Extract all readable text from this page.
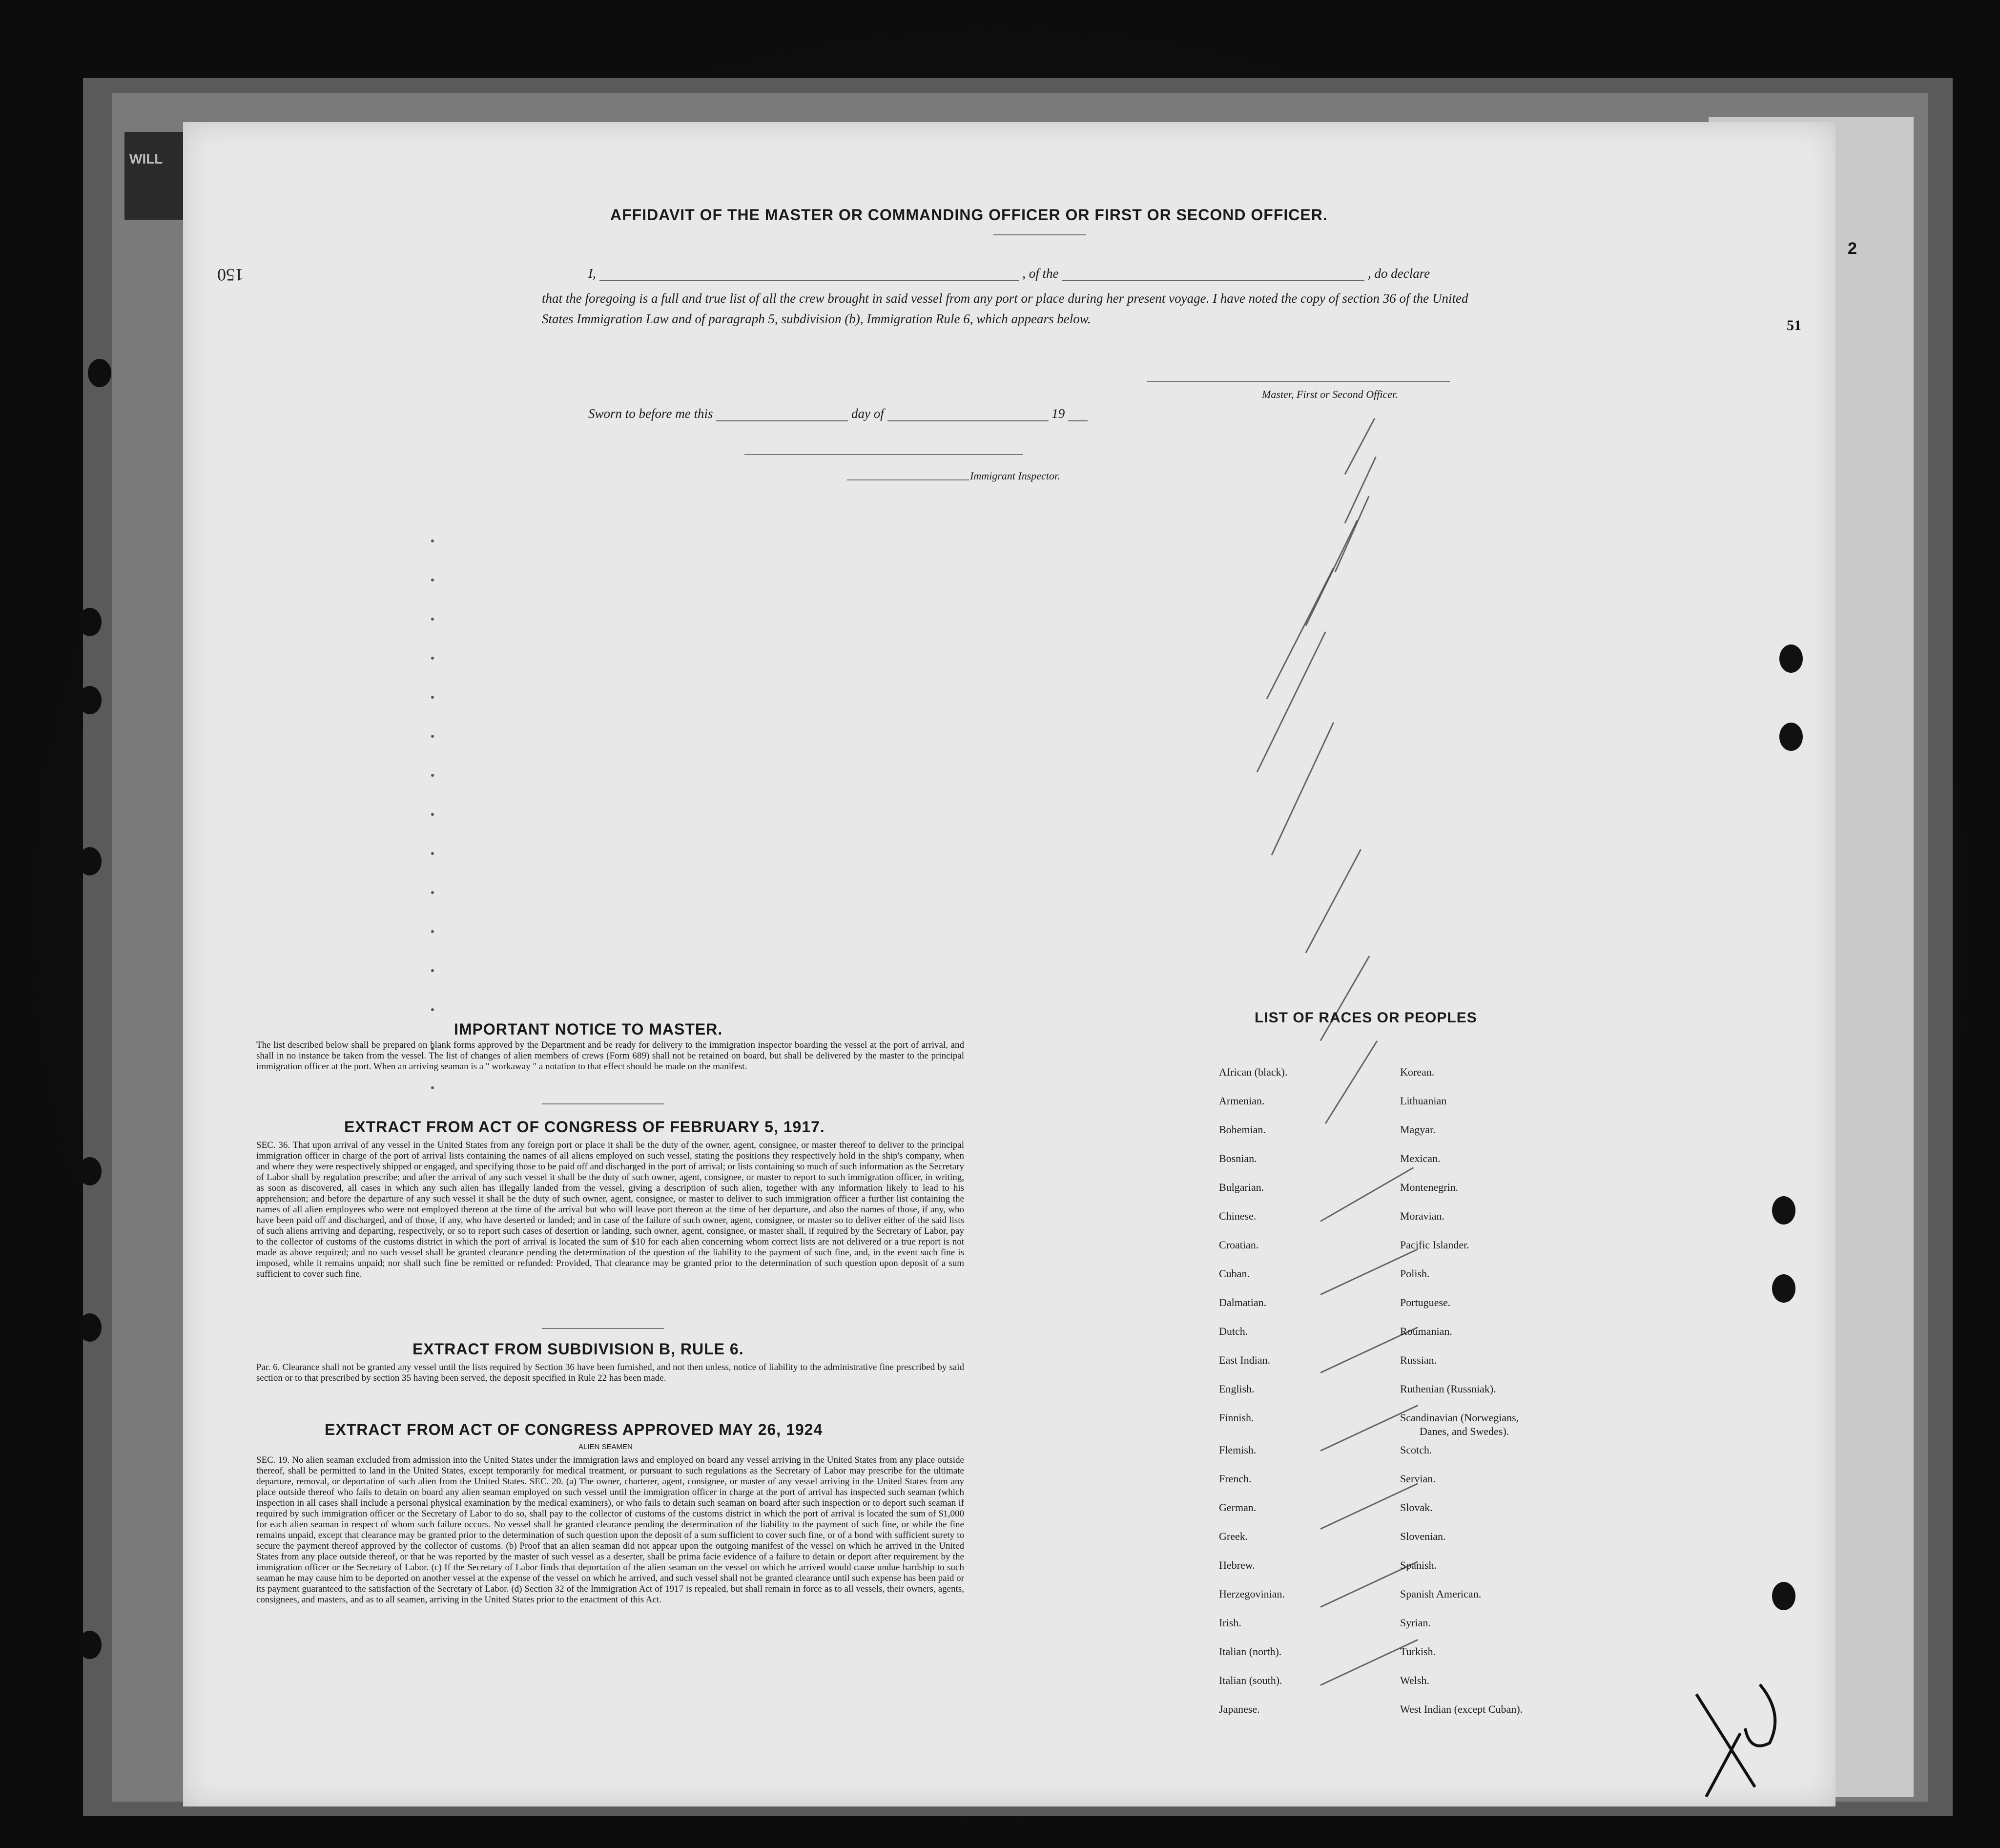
WILL
AFFIDAVIT OF THE MASTER OR COMMANDING OFFICER OR FIRST OR SECOND OFFICER.
I,	, of the	, do declare
that the foregoing is a full and true list of all the crew brought in said vessel from any port or place during her present voyage. I have noted the copy of section 36 of the United States Immigration Law and of paragraph 5, subdivision (b), Immigration Rule 6, which appears below.
Master, First or Second Officer.
Sworn to before me this	day of	19
Immigrant Inspector.
150
IMPORTANT NOTICE TO MASTER.
The list described below shall be prepared on blank forms approved by the Department and be ready for delivery to the immigration inspector boarding the vessel at the port of arrival, and shall in no instance be taken from the vessel. The list of changes of alien members of crews (Form 689) shall not be retained on board, but shall be delivered by the master to the principal immigration officer at the port. When an arriving seaman is a " workaway " a notation to that effect should be made on the manifest.
EXTRACT FROM ACT OF CONGRESS OF FEBRUARY 5, 1917.
SEC. 36. That upon arrival of any vessel in the United States from any foreign port or place it shall be the duty of the owner, agent, consignee, or master thereof to deliver to the principal immigration officer in charge of the port of arrival lists containing the names of all aliens employed on such vessel, stating the positions they respectively hold in the ship's company, when and where they were respectively shipped or engaged, and specifying those to be paid off and discharged in the port of arrival; or lists containing so much of such information as the Secretary of Labor shall by regulation prescribe; and after the arrival of any such vessel it shall be the duty of such owner, agent, consignee, or master to report to such immigration officer, in writing, as soon as discovered, all cases in which any such alien has illegally landed from the vessel, giving a description of such alien, together with any information likely to lead to his apprehension; and before the departure of any such vessel it shall be the duty of such owner, agent, consignee, or master to deliver to such immigration officer a further list containing the names of all alien employees who were not employed thereon at the time of the arrival but who will leave port thereon at the time of her departure, and also the names of those, if any, who have been paid off and discharged, and of those, if any, who have deserted or landed; and in case of the failure of such owner, agent, consignee, or master so to deliver either of the said lists of such aliens arriving and departing, respectively, or so to report such cases of desertion or landing, such owner, agent, consignee, or master shall, if required by the Secretary of Labor, pay to the collector of customs of the customs district in which the port of arrival is located the sum of $10 for each alien concerning whom correct lists are not delivered or a true report is not made as above required; and no such vessel shall be granted clearance pending the determination of the question of the liability to the payment of such fine, and, in the event such fine is imposed, while it remains unpaid; nor shall such fine be remitted or refunded: Provided, That clearance may be granted prior to the determination of such question upon deposit of a sum sufficient to cover such fine.
EXTRACT FROM SUBDIVISION B, RULE 6.
Par. 6. Clearance shall not be granted any vessel until the lists required by Section 36 have been furnished, and not then unless, notice of liability to the administrative fine prescribed by said section or to that prescribed by section 35 having been served, the deposit specified in Rule 22 has been made.
EXTRACT FROM ACT OF CONGRESS APPROVED MAY 26, 1924
ALIEN SEAMEN
SEC. 19. No alien seaman excluded from admission into the United States under the immigration laws and employed on board any vessel arriving in the United States from any place outside thereof, shall be permitted to land in the United States, except temporarily for medical treatment, or pursuant to such regulations as the Secretary of Labor may prescribe for the ultimate departure, removal, or deportation of such alien from the United States. SEC. 20. (a) The owner, charterer, agent, consignee, or master of any vessel arriving in the United States from any place outside thereof who fails to detain on board any alien seaman employed on such vessel until the immigration officer in charge at the port of arrival has inspected such seaman (which inspection in all cases shall include a personal physical examination by the medical examiners), or who fails to detain such seaman on board after such inspection or to deport such seaman if required by such immigration officer or the Secretary of Labor to do so, shall pay to the collector of customs of the customs district in which the port of arrival is located the sum of $1,000 for each alien seaman in respect of whom such failure occurs. No vessel shall be granted clearance pending the determination of the liability to the payment of such fine, or while the fine remains unpaid, except that clearance may be granted prior to the determination of such question upon the deposit of a sum sufficient to cover such fine, or of a bond with sufficient surety to secure the payment thereof approved by the collector of customs. (b) Proof that an alien seaman did not appear upon the outgoing manifest of the vessel on which he arrived in the United States from any place outside thereof, or that he was reported by the master of such vessel as a deserter, shall be prima facie evidence of a failure to detain or deport after requirement by the immigration officer or the Secretary of Labor. (c) If the Secretary of Labor finds that deportation of the alien seaman on the vessel on which he arrived would cause undue hardship to such seaman he may cause him to be deported on another vessel at the expense of the vessel on which he arrived, and such vessel shall not be granted clearance until such expense has been paid or its payment guaranteed to the satisfaction of the Secretary of Labor. (d) Section 32 of the Immigration Act of 1917 is repealed, but shall remain in force as to all vessels, their owners, agents, consignees, and masters, and as to all seamen, arriving in the United States prior to the enactment of this Act.
LIST OF RACES OR PEOPLES
African (black).
Armenian.
Bohemian.
Bosnian.
Bulgarian.
Chinese.
Croatian.
Cuban.
Dalmatian.
Dutch.
East Indian.
English.
Finnish.
Flemish.
French.
German.
Greek.
Hebrew.
Herzegovinian.
Irish.
Italian (north).
Italian (south).
Japanese.
Korean.
Lithuanian
Magyar.
Mexican.
Montenegrin.
Moravian.
Pacific Islander.
Polish.
Portuguese.
Roumanian.
Russian.
Ruthenian (Russniak).
Scandinavian (Norwegians,
Danes, and Swedes).
Scotch.
Servian.
Slovak.
Slovenian.
Spanish.
Spanish American.
Syrian.
Turkish.
Welsh.
West Indian (except Cuban).
2
51
